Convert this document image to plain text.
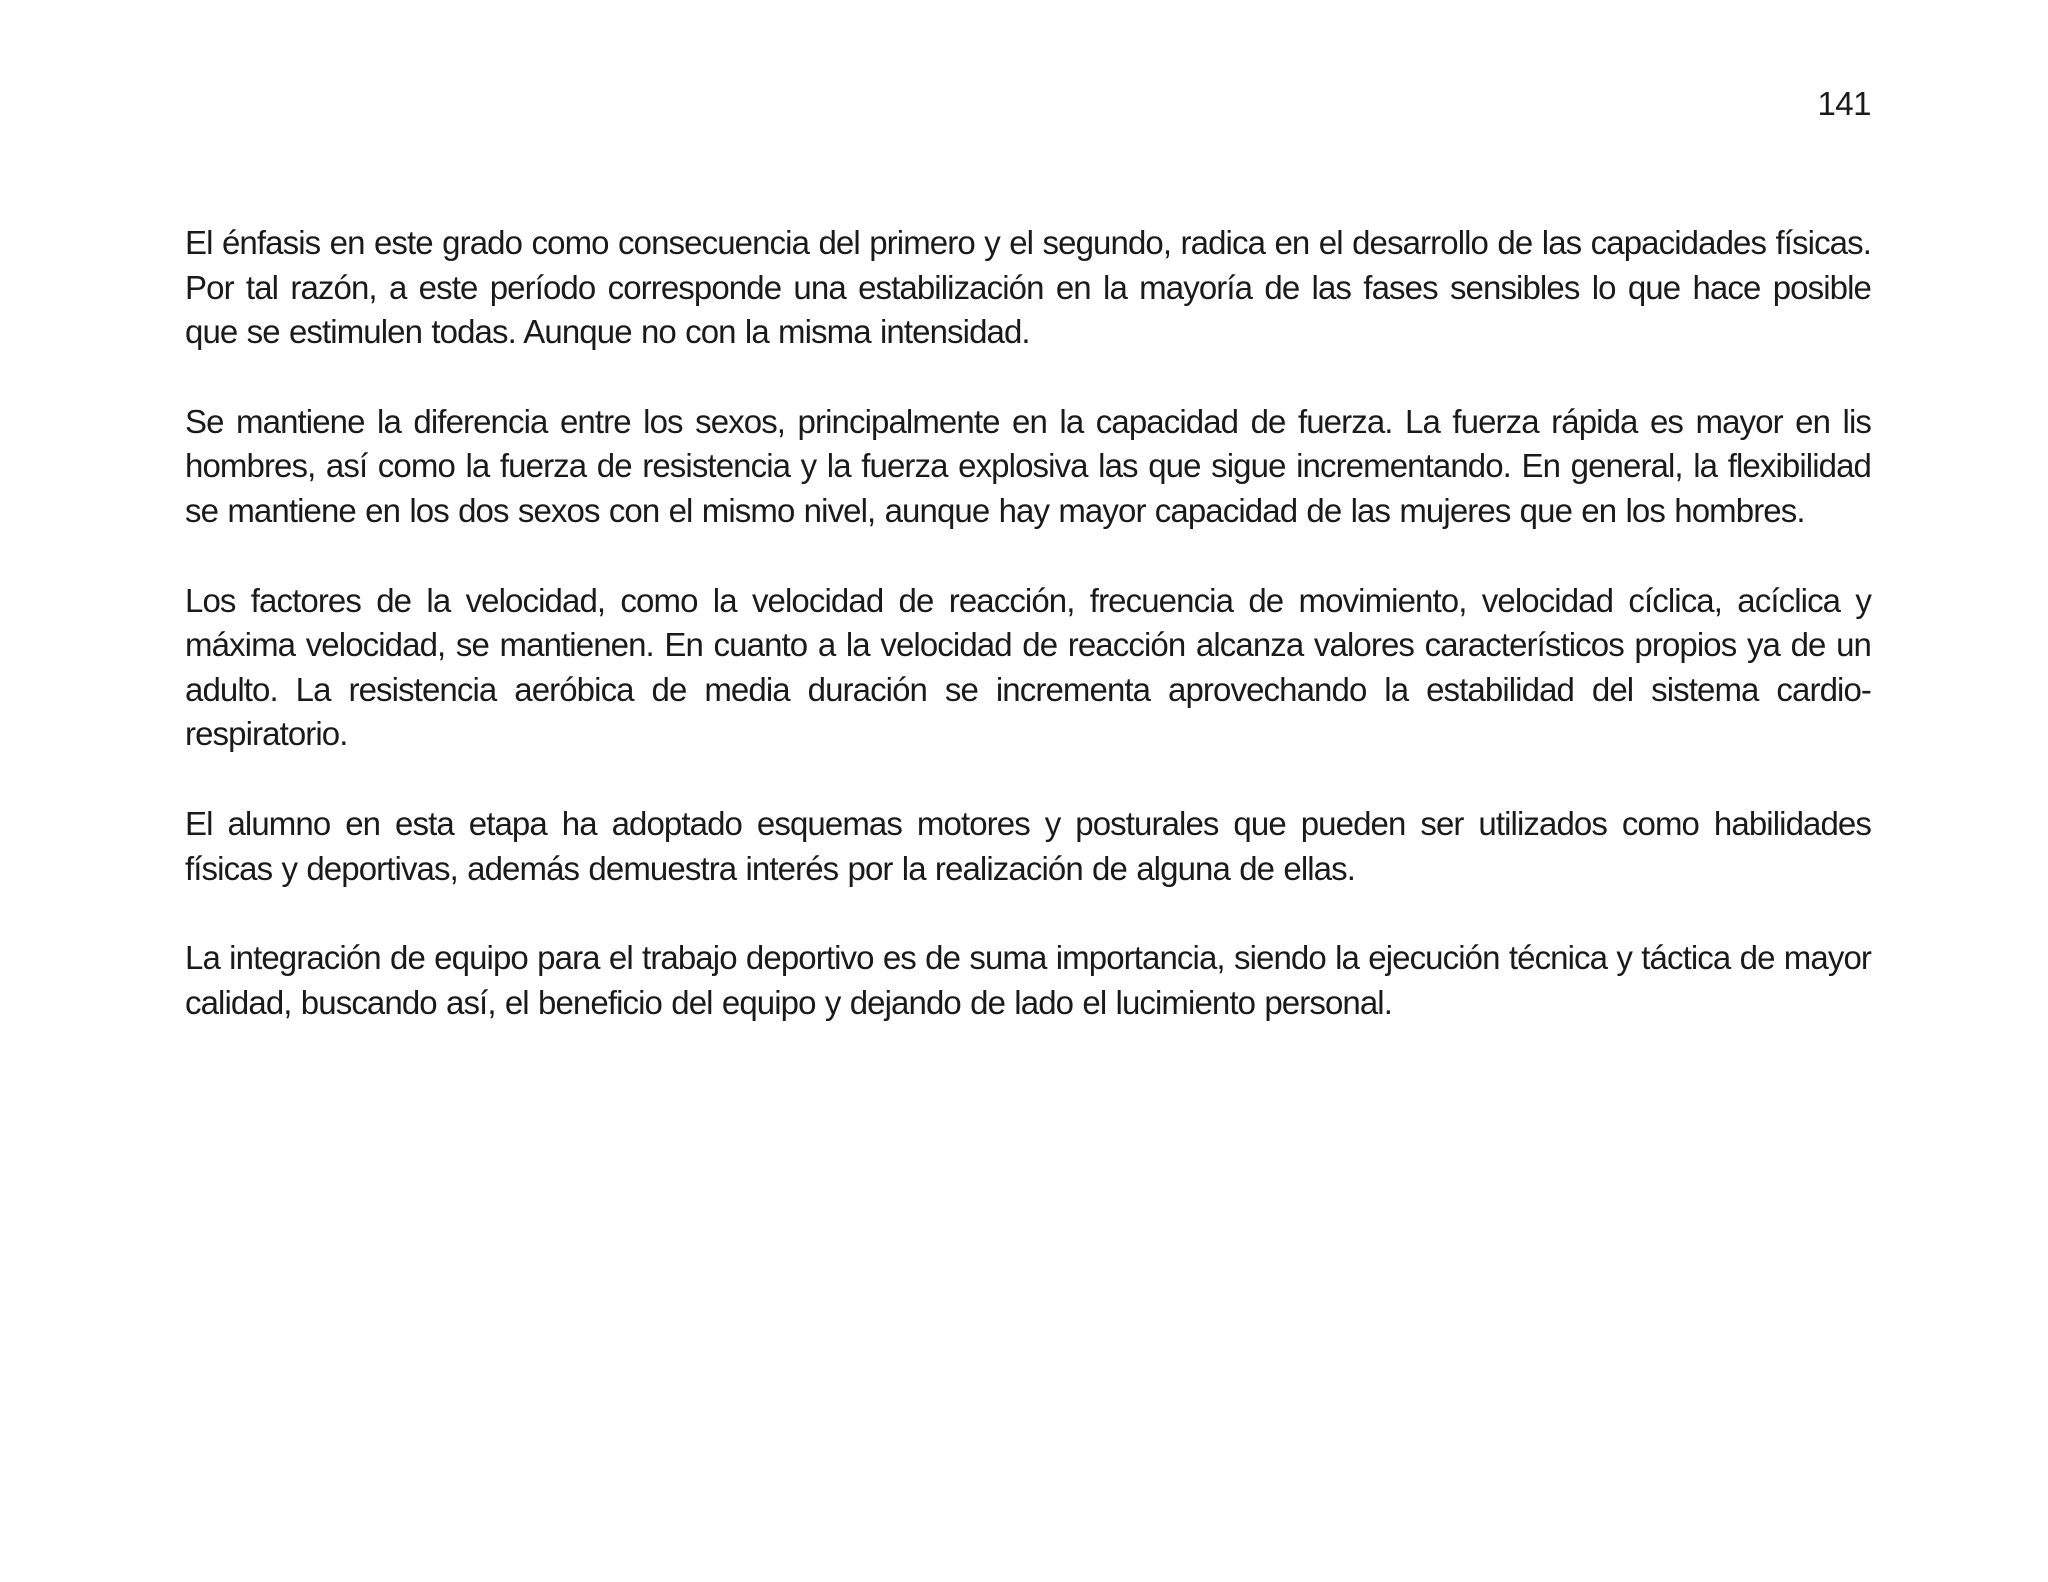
141

El énfasis en este grado como consecuencia del primero y el segundo, radica en el desarrollo de las capacidades físicas. Por tal razón, a este período corresponde una estabilización en la mayoría de las fases sensibles lo que hace posible que se estimulen todas. Aunque no con la misma intensidad.

Se mantiene la diferencia entre los sexos, principalmente en la capacidad de fuerza. La fuerza rápida es mayor en lis hombres, así como la fuerza de resistencia y la fuerza explosiva las que sigue incrementando. En general, la flexibilidad se mantiene en los dos sexos con el mismo nivel, aunque hay mayor capacidad de las mujeres que en los hombres.

Los factores de la velocidad, como la velocidad de reacción, frecuencia de movimiento, velocidad cíclica, acíclica y máxima velocidad, se mantienen. En cuanto a la velocidad de reacción alcanza valores característicos propios ya de un adulto. La resistencia aeróbica de media duración se incrementa aprovechando la estabilidad del sistema cardio-respiratorio.

El alumno en esta etapa ha adoptado esquemas motores y posturales que pueden ser utilizados como habilidades físicas y deportivas, además demuestra interés por la realización de alguna de ellas.

La integración de equipo para el trabajo deportivo es de suma importancia, siendo la ejecución técnica y táctica de mayor calidad, buscando así, el beneficio del equipo y dejando de lado el lucimiento personal.
